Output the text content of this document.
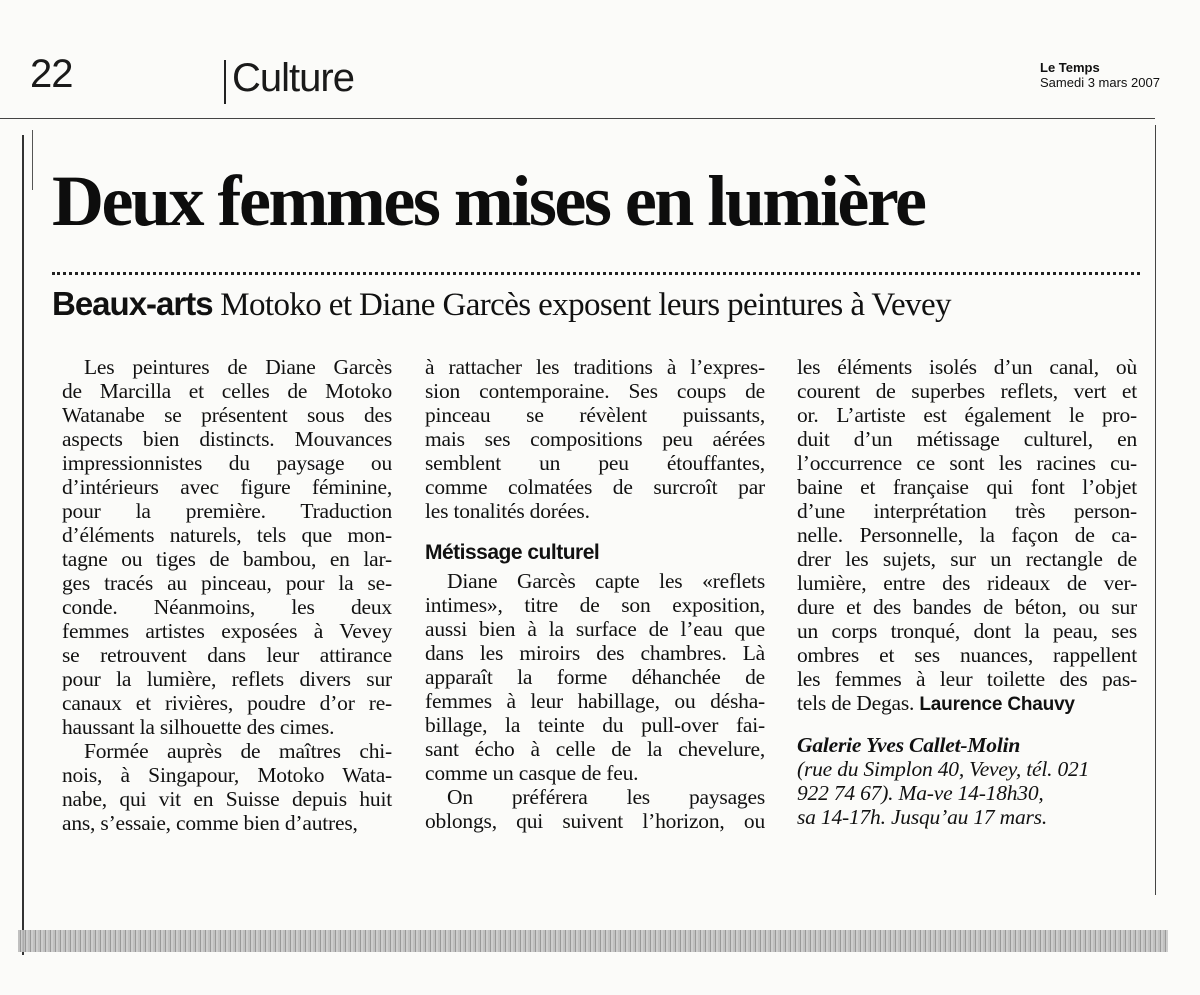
22	Culture	Le Temps
Samedi 3 mars 2007
Deux femmes mises en lumière
Beaux-arts Motoko et Diane Garcès exposent leurs peintures à Vevey
Les peintures de Diane Garcès
de Marcilla et celles de Motoko
Watanabe se présentent sous des
aspects bien distincts. Mouvances
impressionnistes du paysage ou
d’intérieurs avec figure féminine,
pour la première. Traduction
d’éléments naturels, tels que mon-
tagne ou tiges de bambou, en lar-
ges tracés au pinceau, pour la se-
conde. Néanmoins, les deux
femmes artistes exposées à Vevey
se retrouvent dans leur attirance
pour la lumière, reflets divers sur
canaux et rivières, poudre d’or re-
haussant la silhouette des cimes.
Formée auprès de maîtres chi-
nois, à Singapour, Motoko Wata-
nabe, qui vit en Suisse depuis huit
ans, s’essaie, comme bien d’autres,
à rattacher les traditions à l’expres-
sion contemporaine. Ses coups de
pinceau se révèlent puissants,
mais ses compositions peu aérées
semblent un peu étouffantes,
comme colmatées de surcroît par
les tonalités dorées.
Métissage culturel
Diane Garcès capte les «reflets
intimes», titre de son exposition,
aussi bien à la surface de l’eau que
dans les miroirs des chambres. Là
apparaît la forme déhanchée de
femmes à leur habillage, ou désha-
billage, la teinte du pull-over fai-
sant écho à celle de la chevelure,
comme un casque de feu.
On préférera les paysages
oblongs, qui suivent l’horizon, ou
les éléments isolés d’un canal, où
courent de superbes reflets, vert et
or. L’artiste est également le pro-
duit d’un métissage culturel, en
l’occurrence ce sont les racines cu-
baine et française qui font l’objet
d’une interprétation très person-
nelle. Personnelle, la façon de ca-
drer les sujets, sur un rectangle de
lumière, entre des rideaux de ver-
dure et des bandes de béton, ou sur
un corps tronqué, dont la peau, ses
ombres et ses nuances, rappellent
les femmes à leur toilette des pas-
tels de Degas. Laurence Chauvy
Galerie Yves Callet-Molin
(rue du Simplon 40, Vevey, tél. 021
922 74 67). Ma-ve 14-18h30,
sa 14-17h. Jusqu’au 17 mars.
